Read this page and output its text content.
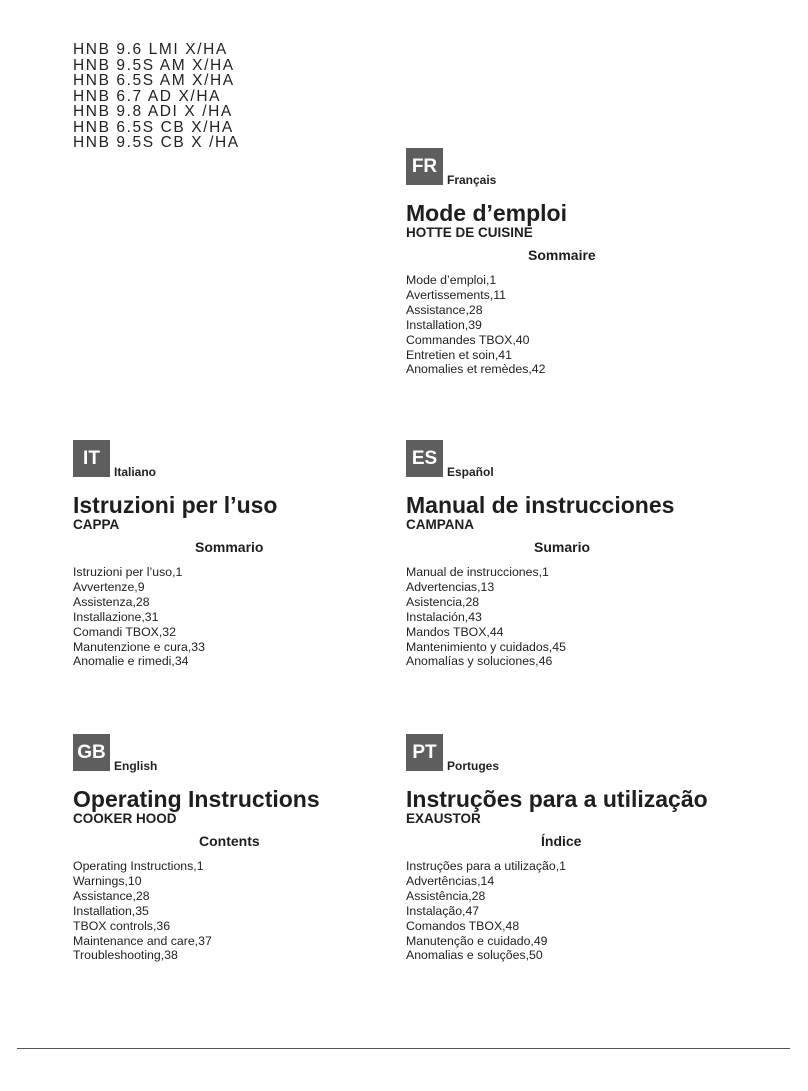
HNB 9.6 LMI X/HA
HNB 9.5S AM X/HA
HNB 6.5S AM X/HA
HNB 6.7 AD X/HA
HNB 9.8 ADI X /HA
HNB 6.5S CB X/HA
HNB 9.5S CB X /HA
FR
Français
Mode d’emploi
HOTTE DE CUISINE
Sommaire
Mode d’emploi,1
Avertissements,11
Assistance,28
Installation,39
Commandes TBOX,40
Entretien et soin,41
Anomalies et remèdes,42
IT
Italiano
Istruzioni per l’uso
CAPPA
Sommario
Istruzioni per l’uso,1
Avvertenze,9
Assistenza,28
Installazione,31
Comandi TBOX,32
Manutenzione e cura,33
Anomalie e rimedi,34
ES
Español
Manual de instrucciones
CAMPANA
Sumario
Manual de instrucciones,1
Advertencias,13
Asistencia,28
Instalación,43
Mandos TBOX,44
Mantenimiento y cuidados,45
Anomalías y soluciones,46
GB
English
Operating Instructions
COOKER HOOD
Contents
Operating Instructions,1
Warnings,10
Assistance,28
Installation,35
TBOX controls,36
Maintenance and care,37
Troubleshooting,38
PT
Portuges
Instruções para a utilização
EXAUSTOR
Índice
Instruções para a utilização,1
Advertências,14
Assistência,28
Instalação,47
Comandos TBOX,48
Manutenção e cuidado,49
Anomalias e soluções,50
